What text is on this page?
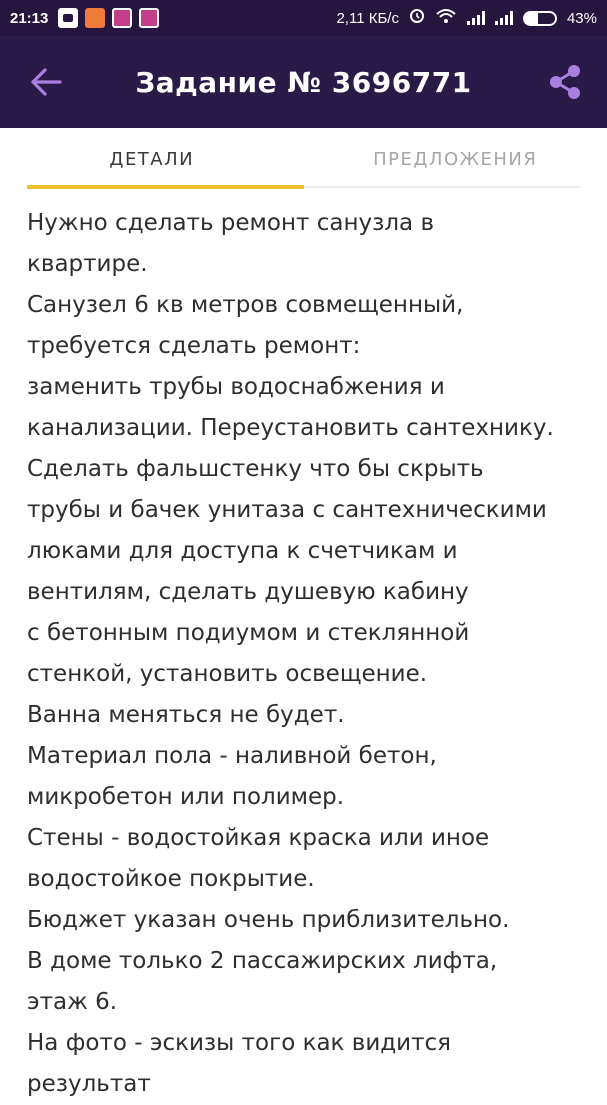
21:13	2,11 КБ/с	43%
Задание № 3696771
ДЕТАЛИ	ПРЕДЛОЖЕНИЯ
Нужно сделать ремонт санузла в
квартире.
Санузел 6 кв метров совмещенный,
требуется сделать ремонт:
заменить трубы водоснабжения и
канализации. Переустановить сантехнику.
Сделать фальшстенку что бы скрыть
трубы и бачек унитаза с сантехническими
люками для доступа к счетчикам и
вентилям, сделать душевую кабину
с бетонным подиумом и стеклянной
стенкой, установить освещение.
Ванна меняться не будет.
Материал пола - наливной бетон,
микробетон или полимер.
Стены - водостойкая краска или иное
водостойкое покрытие.
Бюджет указан очень приблизительно.
В доме только 2 пассажирских лифта,
этаж 6.
На фото - эскизы того как видится
результат
